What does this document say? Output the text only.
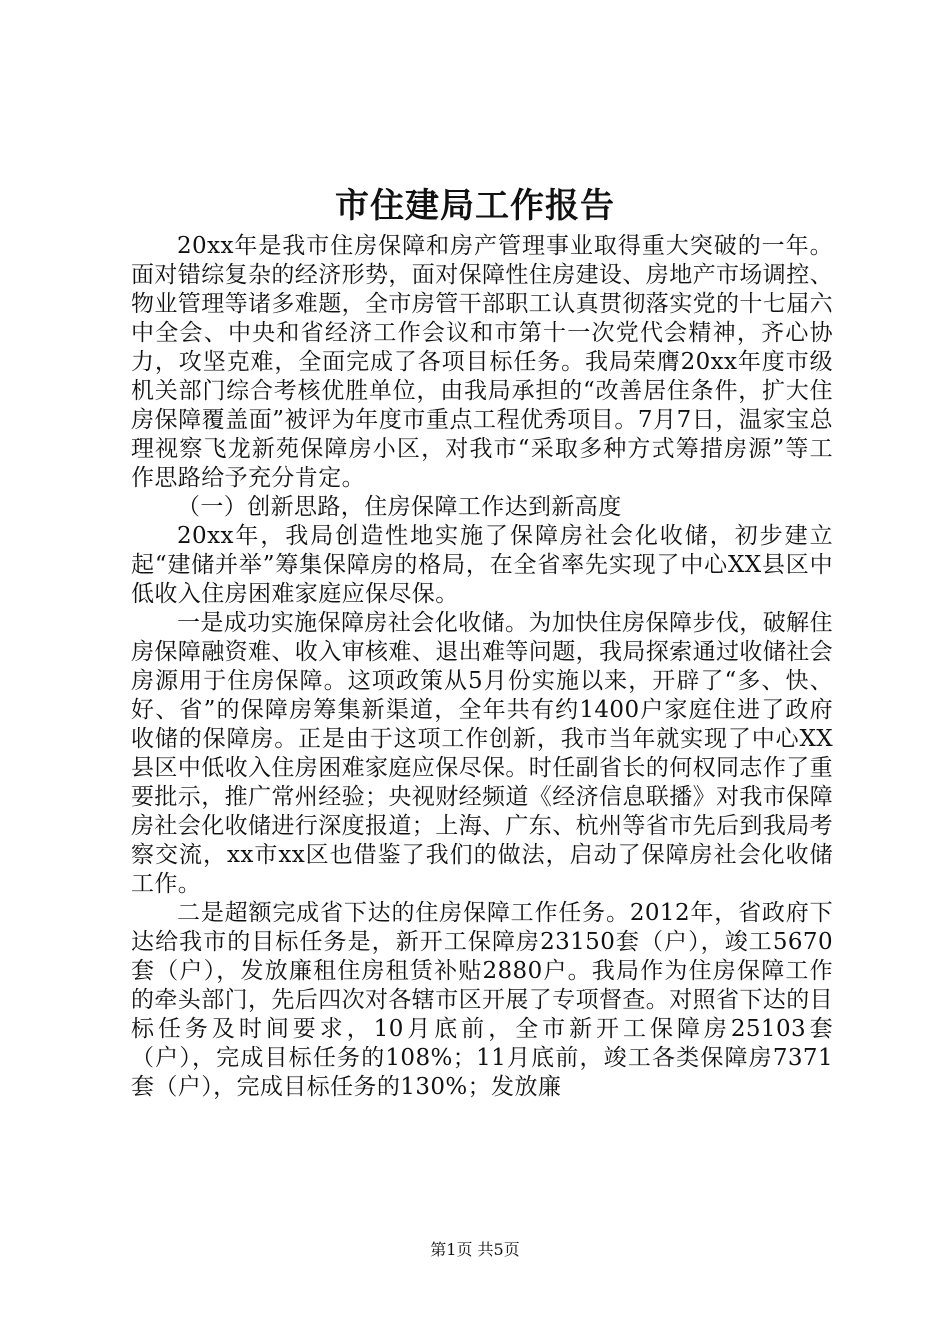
市住建局工作报告

20xx年是我市住房保障和房产管理事业取得重大突破的一年。面对错综复杂的经济形势，面对保障性住房建设、房地产市场调控、物业管理等诸多难题，全市房管干部职工认真贯彻落实党的十七届六中全会、中央和省经济工作会议和市第十一次党代会精神，齐心协力，攻坚克难，全面完成了各项目标任务。我局荣膺20xx年度市级机关部门综合考核优胜单位，由我局承担的“改善居住条件，扩大住房保障覆盖面”被评为年度市重点工程优秀项目。7月7日，温家宝总理视察飞龙新苑保障房小区，对我市“采取多种方式筹措房源”等工作思路给予充分肯定。

（一）创新思路，住房保障工作达到新高度

20xx年，我局创造性地实施了保障房社会化收储，初步建立起“建储并举”筹集保障房的格局，在全省率先实现了中心XX县区中低收入住房困难家庭应保尽保。

一是成功实施保障房社会化收储。为加快住房保障步伐，破解住房保障融资难、收入审核难、退出难等问题，我局探索通过收储社会房源用于住房保障。这项政策从5月份实施以来，开辟了“多、快、好、省”的保障房筹集新渠道，全年共有约1400户家庭住进了政府收储的保障房。正是由于这项工作创新，我市当年就实现了中心XX县区中低收入住房困难家庭应保尽保。时任副省长的何权同志作了重要批示，推广常州经验；央视财经频道《经济信息联播》对我市保障房社会化收储进行深度报道；上海、广东、杭州等省市先后到我局考察交流，xx市xx区也借鉴了我们的做法，启动了保障房社会化收储工作。

二是超额完成省下达的住房保障工作任务。2012年，省政府下达给我市的目标任务是，新开工保障房23150套（户），竣工5670套（户），发放廉租住房租赁补贴2880户。我局作为住房保障工作的牵头部门，先后四次对各辖市区开展了专项督查。对照省下达的目标任务及时间要求，10月底前，全市新开工保障房25103套（户），完成目标任务的108%；11月底前，竣工各类保障房7371套（户），完成目标任务的130%；发放廉

第1页 共5页
